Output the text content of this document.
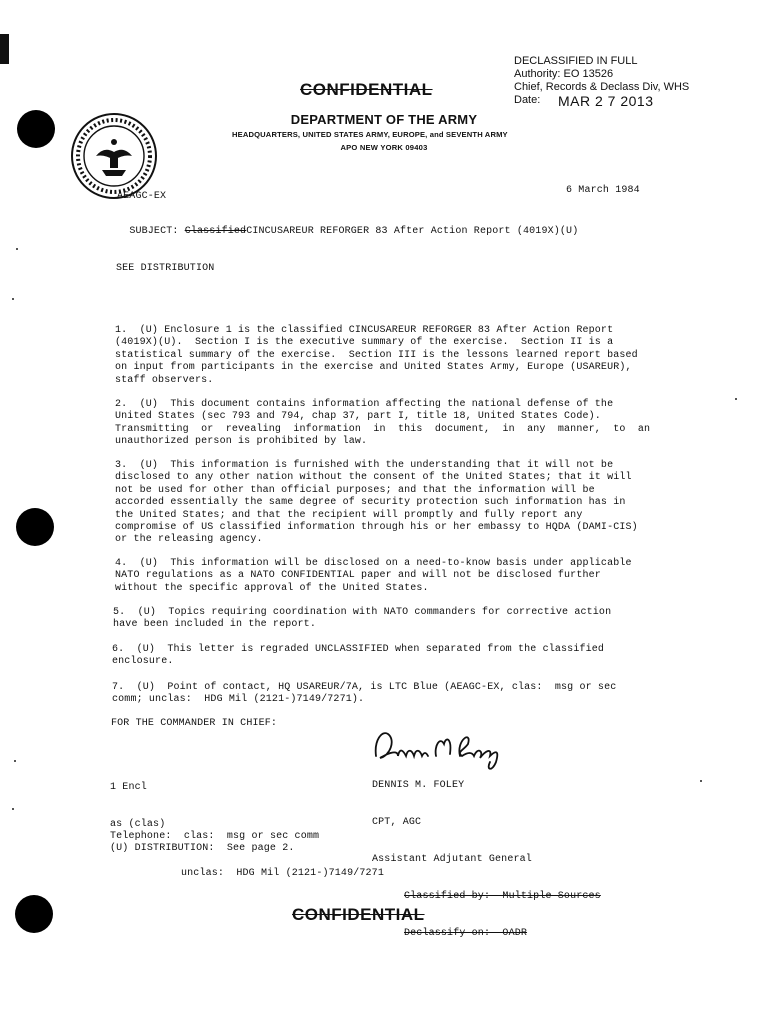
DECLASSIFIED IN FULL
Authority: EO 13526
Chief, Records & Declass Div, WHS
Date: MAR 2 7 2013
CONFIDENTIAL
DEPARTMENT OF THE ARMY
HEADQUARTERS, UNITED STATES ARMY, EUROPE, and SEVENTH ARMY
APO NEW YORK 09403
AEAGC-EX
6 March 1984

SUBJECT: ClassifiedCINCUSAREUR REFORGER 83 After Action Report (4019X)(U)

SEE DISTRIBUTION
1.  (U) Enclosure 1 is the classified CINCUSAREUR REFORGER 83 After Action Report
(4019X)(U).  Section I is the executive summary of the exercise.  Section II is a
statistical summary of the exercise.  Section III is the lessons learned report based
on input from participants in the exercise and United States Army, Europe (USAREUR),
staff observers.
2.  (U)  This document contains information affecting the national defense of the
United States (sec 793 and 794, chap 37, part I, title 18, United States Code).
Transmitting  or  revealing  information  in  this  document,  in  any  manner,  to  an
unauthorized person is prohibited by law.
3.  (U)  This information is furnished with the understanding that it will not be
disclosed to any other nation without the consent of the United States; that it will
not be used for other than official purposes; and that the information will be
accorded essentially the same degree of security protection such information has in
the United States; and that the recipient will promptly and fully report any
compromise of US classified information through his or her embassy to HQDA (DAMI-CIS)
or the releasing agency.
4.  (U)  This information will be disclosed on a need-to-know basis under applicable
NATO regulations as a NATO CONFIDENTIAL paper and will not be disclosed further
without the specific approval of the United States.
5.  (U)  Topics requiring coordination with NATO commanders for corrective action
have been included in the report.
6.  (U)  This letter is regraded UNCLASSIFIED when separated from the classified
enclosure.
7.  (U)  Point of contact, HQ USAREUR/7A, is LTC Blue (AEAGC-EX, clas:  msg or sec
comm; unclas:  HDG Mil (2121-)7149/7271).
FOR THE COMMANDER IN CHIEF:

DENNIS M. FOLEY

CPT, AGC

Assistant Adjutant General

1 Encl

as (clas)

Telephone: clas:  msg or sec comm

unclas:  HDG Mil (2121-)7149/7271

(U) DISTRIBUTION:  See page 2.

Classified by:  Multiple Sources

Declassify on:  OADR

CONFIDENTIAL
